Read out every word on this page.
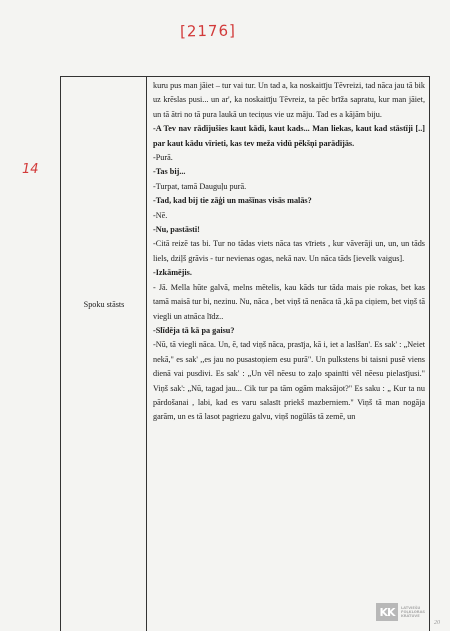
[2176]
14
Spoku stāsts

kuru pus man jāiet – tur vai tur. Un tad a, ka noskaitīju Tēvreizi, tad nāca jau tā bik uz krēslas pusi... un ar', ka noskaitīju Tēvreiz, ta pēc brīža sapratu, kur man jāiet, un tā ātri no tā pura laukā un teciņus vie uz māju. Tad es a kājām biju.

-A Tev nav rādījušies kaut kādi, kaut kads... Man liekas, kaut kad stāstīji [..] par kaut kādu vīrieti, kas tev meža vidū pēkšņi parādījās.

-Purā.

-Tas bij...

-Turpat, tamā Dauguļu purā.

-Tad, kad bij tie zāģi un mašīnas visās malās?

-Nē.

-Nu, pastāsti!

-Citā reizē tas bi. Tur no tādas viets nāca tas vīriets , kur vāverāji un, un, un tāds liels, dziļš grāvis - tur nevienas ogas, nekā nav. Un nāca tāds [ievelk vaigus].

-Izkāmējis.

- Jā. Mella hūte galvā, melns mētelis, kau kāds tur tāda mais pie rokas, bet kas tamā maisā tur bi, nezinu. Nu, nāca , bet viņš tā nenāca tā ,kā pa ciņiem, bet viņš tā viegli un atnāca līdz..

-Slīdēja tā kā pa gaisu?

-Nū, tā viegli nāca. Un, ē, tad viņš nāca, prasīja, kā i, iet a laslšan'. Es sak' : „Neiet nekā," es sak' ,,es jau no pusastoņiem esu purā". Un pulkstens bi taisni pusē viens dienā vai pusdivi. Es sak' : „Un vēl nēesu to zaļo spainīti vēl nēesu pielasījusi." Viņš sak': „Nū, tagad jau... Cik tur pa tām ogām maksājot?" Es saku : „ Kur ta nu pārdošanai , labi, kad es varu salasīt priekš mazberniem." Viņš tā man nogāja garām, un es tā lasot pagriezu galvu, viņš nogūlās tā zemē, un

KK	LATVIEŠU
FOLKLORAS
KRĀTUVE
20
